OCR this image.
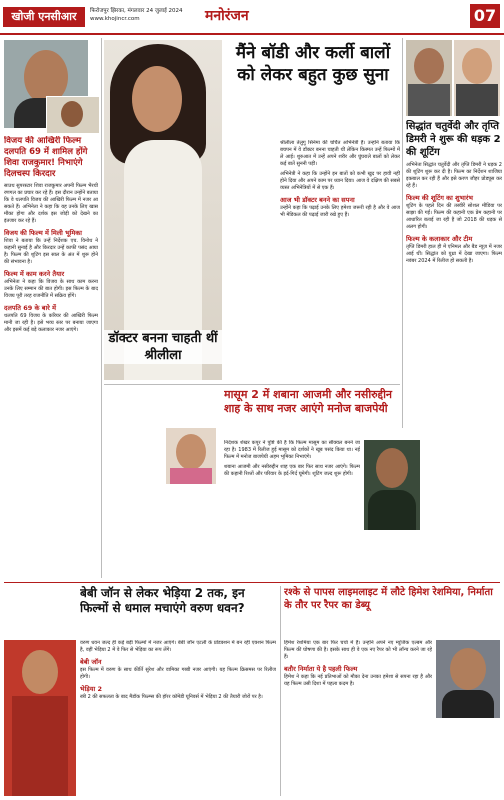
खोजी एनसीआर	फिरोजपुर झिरका, मंगलवार 24 जुलाई 2024
www.khojincr.com	मनोरंजन	07
विजय की आखिरी फिल्म दलपति 69 में शामिल होंगे शिवा राजकुमार! निभाएंगे दिलचस्प किरदार
साउथ सुपरस्टार शिवा राजकुमार अपनी फिल्म भैरथी रणगल का प्रचार कर रहे हैं। इस दौरान उन्होंने बताया कि वे थलपति विजय की आखिरी फिल्म में नजर आ सकते हैं। अभिनेता ने कहा कि यह उनके लिए खास मौका होगा और दर्शक इस जोड़ी को देखने का इंतजार कर रहे हैं।
विजय की फिल्म में मिली भूमिका
शिवा ने बताया कि उन्हें निर्देशक एच. विनोथ ने कहानी सुनाई है और किरदार उन्हें काफी पसंद आया है। फिल्म की शूटिंग इस साल के अंत में शुरू होने की संभावना है।
फिल्म में काम करने तैयार
अभिनेता ने कहा कि विजय के साथ काम करना उनके लिए सम्मान की बात होगी। इस फिल्म के बाद विजय पूरी तरह राजनीति में सक्रिय होंगे।
दलपति 69 के बारे में
थलपति 69 विजय के करियर की आखिरी फिल्म मानी जा रही है। इसे भव्य स्तर पर बनाया जाएगा और इसमें कई बड़े कलाकार नजर आएंगे।
मैंने बॉडी और कर्ली बालों को लेकर बहुत कुछ सुना
श्रीलीला तेलुगु सिनेमा की चर्चित अभिनेत्री हैं। उन्होंने बताया कि बचपन में वे डॉक्टर बनना चाहती थीं लेकिन किस्मत उन्हें फिल्मों में ले आई। शुरुआत में उन्हें अपने शरीर और घुंघराले बालों को लेकर कई बातें सुननी पड़ीं।
अभिनेत्री ने कहा कि उन्होंने इन बातों को कभी खुद पर हावी नहीं होने दिया और अपने काम पर ध्यान दिया। आज वे दक्षिण की सबसे व्यस्त अभिनेत्रियों में से एक हैं।
आज भी डॉक्टर बनने का सपना
उन्होंने कहा कि पढ़ाई उनके लिए हमेशा जरूरी रही है और वे आज भी मेडिकल की पढ़ाई जारी रखे हुए हैं।
डॉक्टर बनना चाहती थीं श्रीलीला
मासूम 2 में शबाना आजमी और नसीरुद्दीन शाह के साथ नजर आएंगे मनोज बाजपेयी
निर्देशक शेखर कपूर ने पुष्टि की है कि फिल्म मासूम का सीक्वल बनने जा रहा है। 1983 में रिलीज हुई मासूम को दर्शकों ने खूब पसंद किया था। नई फिल्म में मनोज बाजपेयी अहम भूमिका निभाएंगे।
शबाना आजमी और नसीरुद्दीन शाह एक बार फिर साथ नजर आएंगे। फिल्म की कहानी रिश्तों और परिवार के इर्द-गिर्द घूमेगी। शूटिंग जल्द शुरू होगी।
सिद्धांत चतुर्वेदी और तृप्ति डिमरी ने शुरू की धड़क 2 की शूटिंग
अभिनेता सिद्धांत चतुर्वेदी और तृप्ति डिमरी ने धड़क 2 की शूटिंग शुरू कर दी है। फिल्म का निर्देशन शाजिया इकबाल कर रही हैं और इसे करण जौहर प्रोड्यूस कर रहे हैं।
फिल्म की शूटिंग का शुभारंभ
शूटिंग के पहले दिन की तस्वीरें सोशल मीडिया पर साझा की गईं। फिल्म की कहानी एक प्रेम कहानी पर आधारित बताई जा रही है जो 2018 की धड़क से अलग होगी।
फिल्म के कलाकार और टीम
तृप्ति डिमरी हाल ही में एनिमल और बैड न्यूज़ में नजर आई थीं। सिद्धांत को युध्रा में देखा जाएगा। फिल्म नवंबर 2024 में रिलीज हो सकती है।
बेबी जॉन से लेकर भेड़िया 2 तक, इन फिल्मों से धमाल मचाएंगे वरुण धवन?
वरुण धवन जल्द ही कई बड़ी फिल्मों में नजर आएंगे। बेबी जॉन एटली के प्रोडक्शन में बन रही एक्शन फिल्म है, वहीं भेड़िया 2 में वे फिर से भेड़िया का रूप लेंगे।
बेबी जॉन
इस फिल्म में वरुण के साथ कीर्ति सुरेश और वामिका गब्बी नजर आएंगी। यह फिल्म क्रिसमस पर रिलीज होगी।
भेड़िया 2
स्त्री 2 की सफलता के बाद मैडॉक फिल्म्स की हॉरर कॉमेडी यूनिवर्स में भेड़िया 2 की तैयारी जोरों पर है।
रश्के से पापस लाइमलाइट में लौटे हिमेश रेशमिया, निर्माता के तौर पर रैपर का डेब्यू
हिमेश रेशमिया एक बार फिर चर्चा में हैं। उन्होंने अपने नए म्यूजिक एल्बम और फिल्म की घोषणा की है। इसके साथ ही वे एक नए रैपर को भी लॉन्च करने जा रहे हैं।
बतौर निर्माता ये है पहली फिल्म
हिमेश ने कहा कि नई प्रतिभाओं को मौका देना उनका हमेशा से सपना रहा है और यह फिल्म उसी दिशा में पहला कदम है।
